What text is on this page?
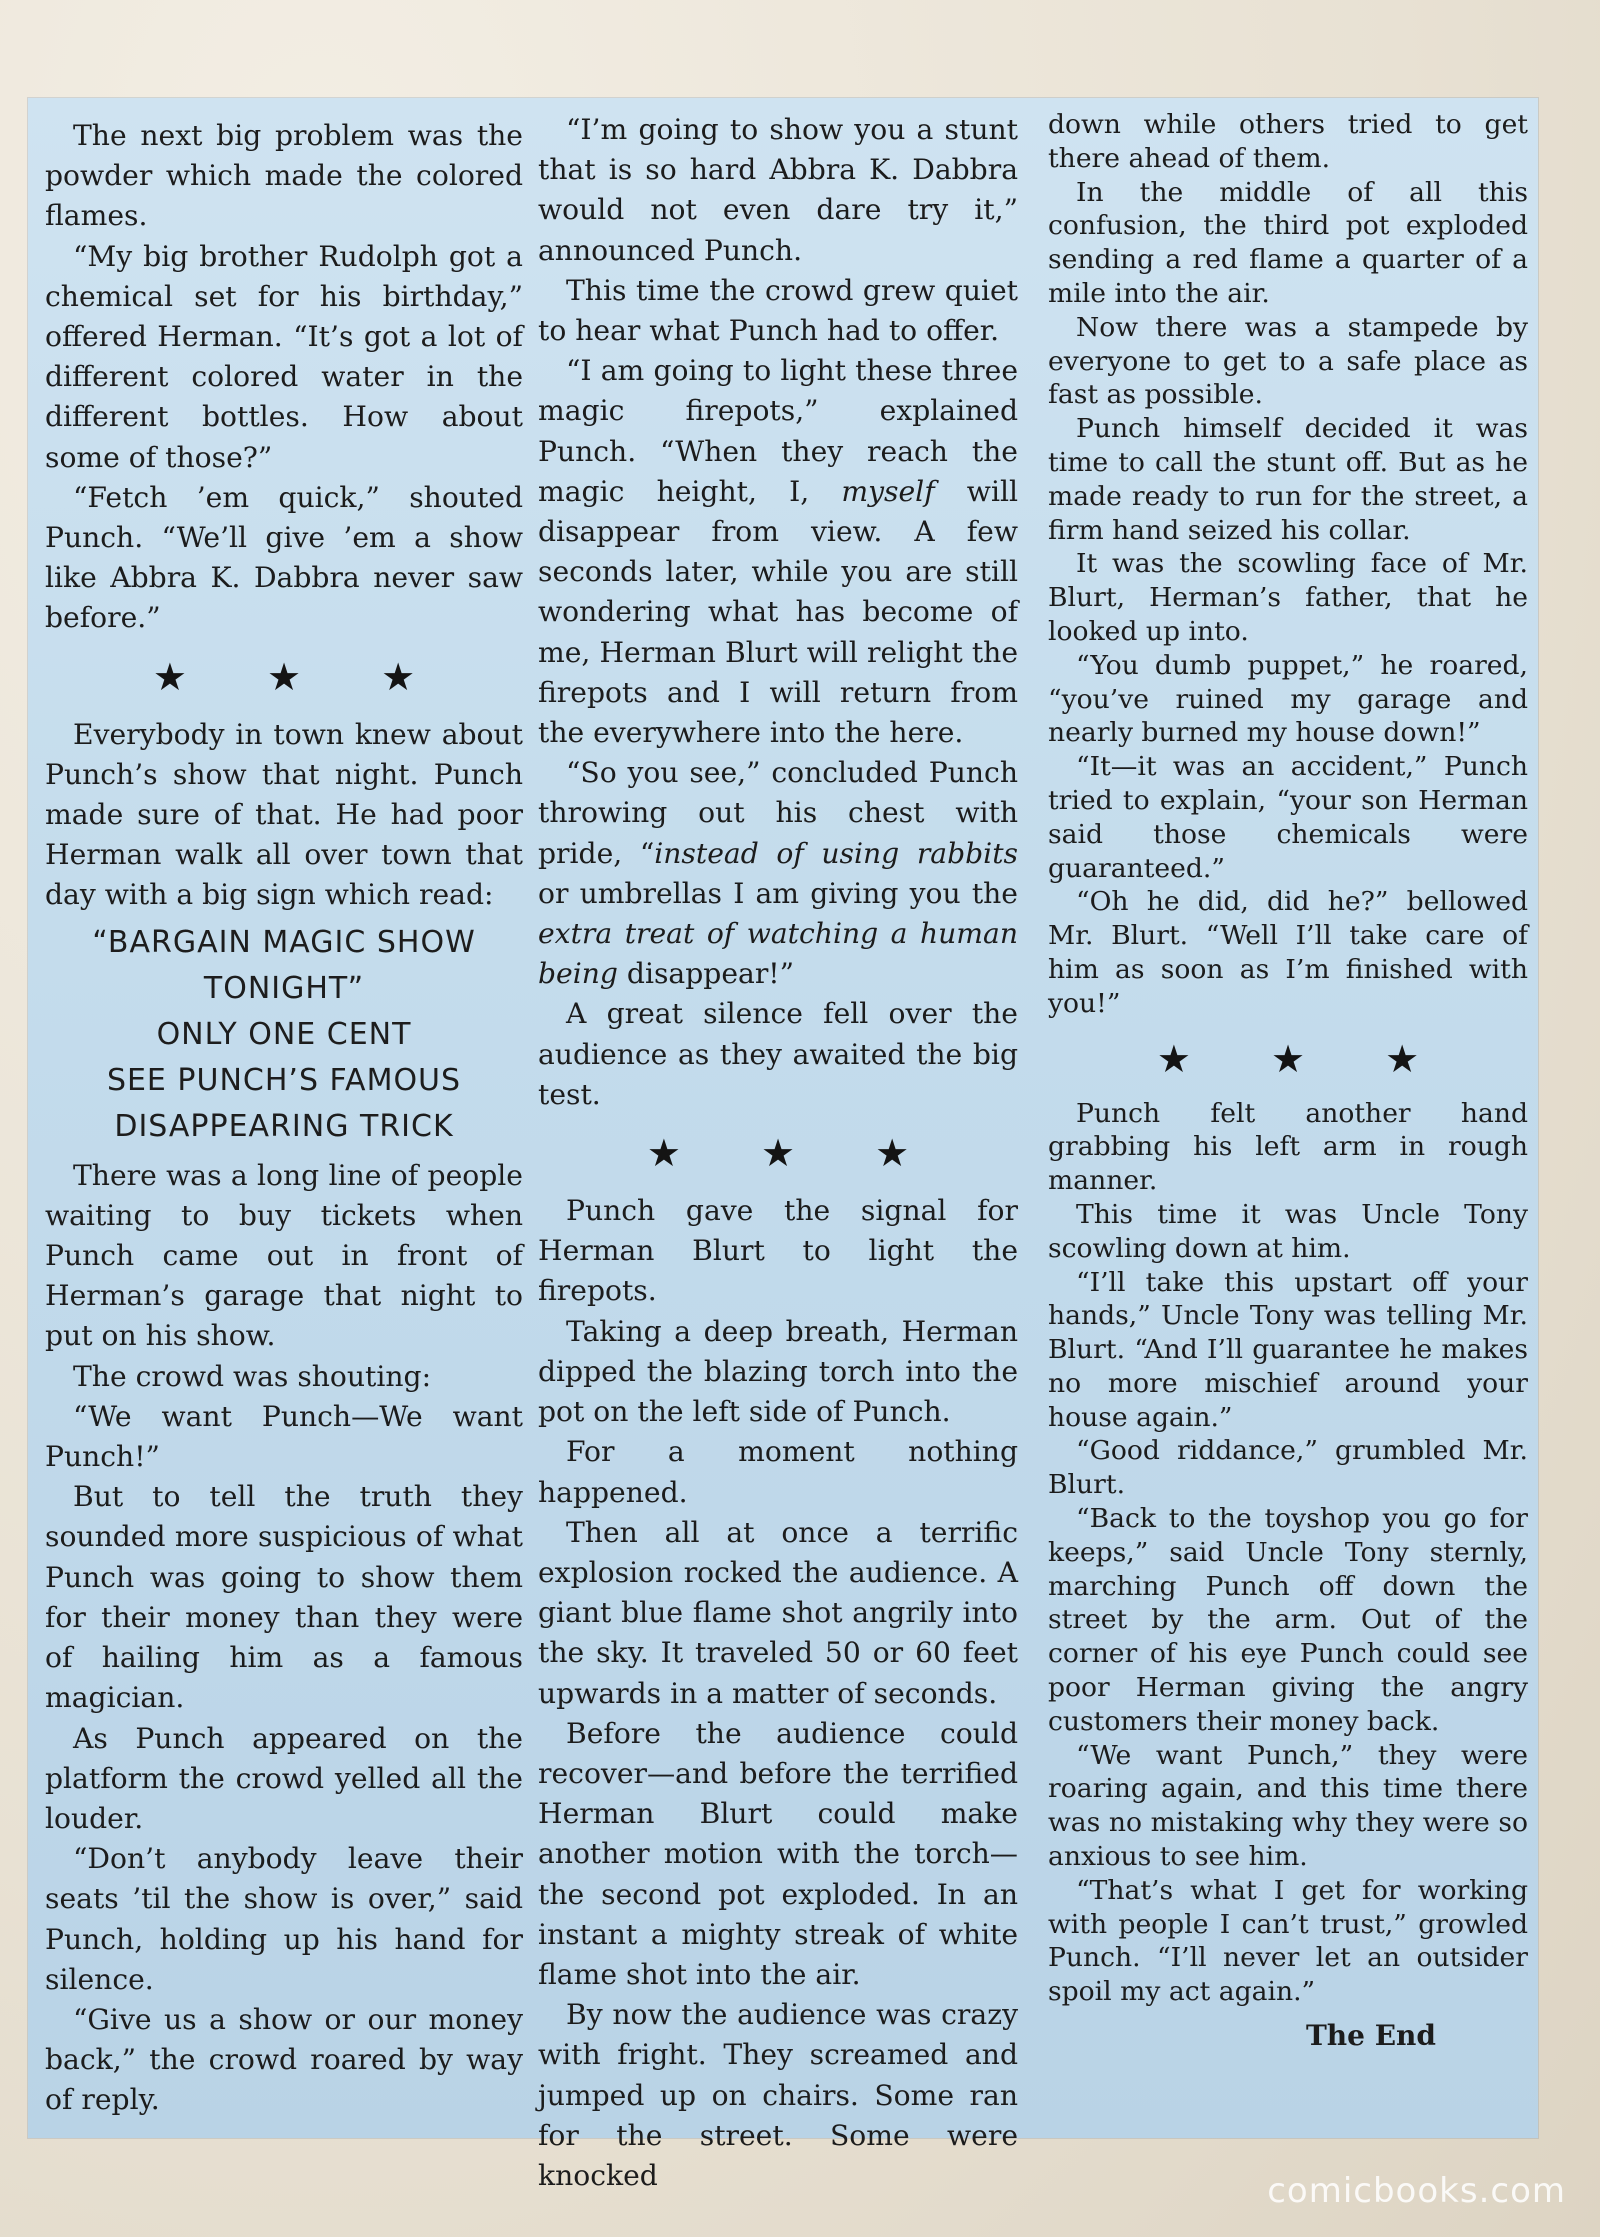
The next big problem was the powder which made the colored flames.

“My big brother Rudolph got a chemical set for his birthday,” offered Herman. “It’s got a lot of different colored water in the different bottles. How about some of those?”

“Fetch ’em quick,” shouted Punch. “We’ll give ’em a show like Abbra K. Dabbra never saw before.”

★ ★ ★

Everybody in town knew about Punch’s show that night. Punch made sure of that. He had poor Herman walk all over town that day with a big sign which read:

“BARGAIN MAGIC SHOW
TONIGHT”
ONLY ONE CENT
SEE PUNCH’S FAMOUS
DISAPPEARING TRICK

There was a long line of people waiting to buy tickets when Punch came out in front of Herman’s garage that night to put on his show.

The crowd was shouting:

“We want Punch—We want Punch!”

But to tell the truth they sounded more suspicious of what Punch was going to show them for their money than they were of hailing him as a famous magician.

As Punch appeared on the platform the crowd yelled all the louder.

“Don’t anybody leave their seats ’til the show is over,” said Punch, holding up his hand for silence.

“Give us a show or our money back,” the crowd roared by way of reply.

“I’m going to show you a stunt that is so hard Abbra K. Dabbra would not even dare try it,” announced Punch.

This time the crowd grew quiet to hear what Punch had to offer.

“I am going to light these three magic firepots,” explained Punch. “When they reach the magic height, I, myself will disappear from view. A few seconds later, while you are still wondering what has become of me, Herman Blurt will relight the firepots and I will return from the everywhere into the here.

“So you see,” concluded Punch throwing out his chest with pride, “instead of using rabbits or umbrellas I am giving you the extra treat of watching a human being disappear!”

A great silence fell over the audience as they awaited the big test.

★ ★ ★

Punch gave the signal for Herman Blurt to light the firepots.

Taking a deep breath, Herman dipped the blazing torch into the pot on the left side of Punch.

For a moment nothing happened.

Then all at once a terrific explosion rocked the audience. A giant blue flame shot angrily into the sky. It traveled 50 or 60 feet upwards in a matter of seconds.

Before the audience could recover—and before the terrified Herman Blurt could make another motion with the torch—the second pot exploded. In an instant a mighty streak of white flame shot into the air.

By now the audience was crazy with fright. They screamed and jumped up on chairs. Some ran for the street. Some were knocked

down while others tried to get there ahead of them.

In the middle of all this confusion, the third pot exploded sending a red flame a quarter of a mile into the air.

Now there was a stampede by everyone to get to a safe place as fast as possible.

Punch himself decided it was time to call the stunt off. But as he made ready to run for the street, a firm hand seized his collar.

It was the scowling face of Mr. Blurt, Herman’s father, that he looked up into.

“You dumb puppet,” he roared, “you’ve ruined my garage and nearly burned my house down!”

“It—it was an accident,” Punch tried to explain, “your son Herman said those chemicals were guaranteed.”

“Oh he did, did he?” bellowed Mr. Blurt. “Well I’ll take care of him as soon as I’m finished with you!”

★ ★ ★

Punch felt another hand grabbing his left arm in rough manner.

This time it was Uncle Tony scowling down at him.

“I’ll take this upstart off your hands,” Uncle Tony was telling Mr. Blurt. “And I’ll guarantee he makes no more mischief around your house again.”

“Good riddance,” grumbled Mr. Blurt.

“Back to the toyshop you go for keeps,” said Uncle Tony sternly, marching Punch off down the street by the arm. Out of the corner of his eye Punch could see poor Herman giving the angry customers their money back.

“We want Punch,” they were roaring again, and this time there was no mistaking why they were so anxious to see him.

“That’s what I get for working with people I can’t trust,” growled Punch. “I’ll never let an outsider spoil my act again.”

The End
comicbooks.com
